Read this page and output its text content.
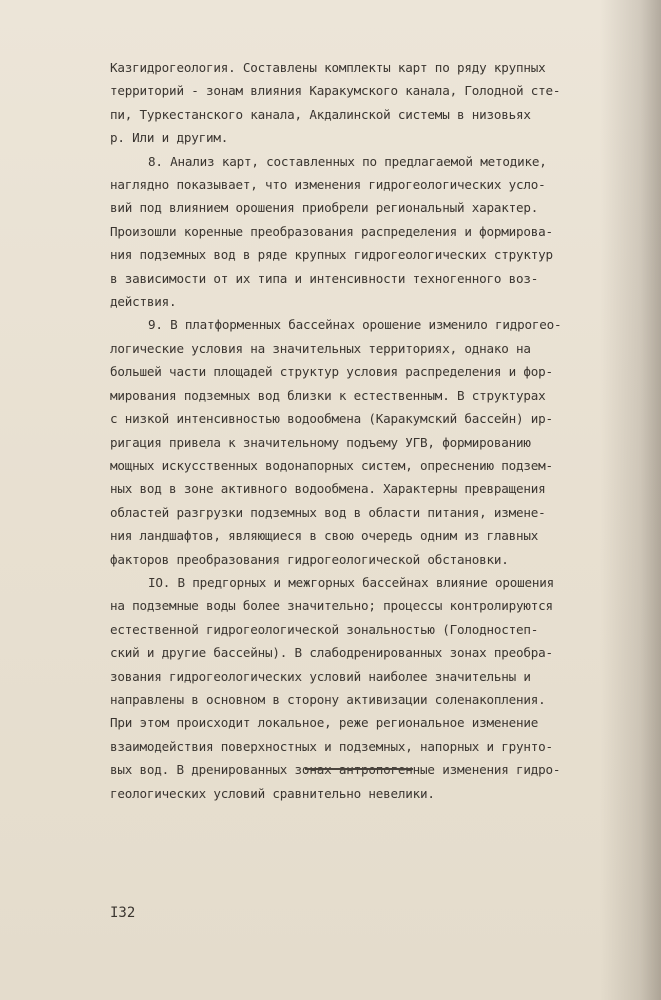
Казгидрогеология. Составлены комплекты карт по ряду крупных
территорий - зонам влияния Каракумского канала, Голодной сте-
пи, Туркестанского канала, Акдалинской системы в низовьях
р. Или и другим.
8. Анализ карт, составленных по предлагаемой методике,
наглядно показывает, что изменения гидрогеологических усло-
вий под влиянием орошения приобрели региональный характер.
Произошли коренные преобразования распределения и формирова-
ния подземных вод в ряде крупных гидрогеологических структур
в зависимости от их типа и интенсивности техногенного воз-
действия.
9. В платформенных бассейнах орошение изменило гидрогео-
логические условия на значительных территориях, однако на
большей части площадей структур условия распределения и фор-
мирования подземных вод близки к естественным. В структурах
с низкой интенсивностью водообмена (Каракумский бассейн) ир-
ригация привела к значительному подъему УГВ, формированию
мощных искусственных водонапорных систем, опреснению подзем-
ных вод в зоне активного водообмена. Характерны превращения
областей разгрузки подземных вод в области питания, измене-
ния ландшафтов, являющиеся в свою очередь одним из главных
факторов преобразования гидрогеологической обстановки.
IO. В предгорных и межгорных бассейнах влияние орошения
на подземные воды более значительно; процессы контролируются
естественной гидрогеологической зональностью (Голодностеп-
ский и другие бассейны). В слабодренированных зонах преобра-
зования гидрогеологических условий наиболее значительны и
направлены в основном в сторону активизации соленакопления.
При этом происходит локальное, реже региональное изменение
взаимодействия поверхностных и подземных, напорных и грунто-
вых вод. В дренированных зонах антропогенные изменения гидро-
геологических условий сравнительно невелики.
I32
